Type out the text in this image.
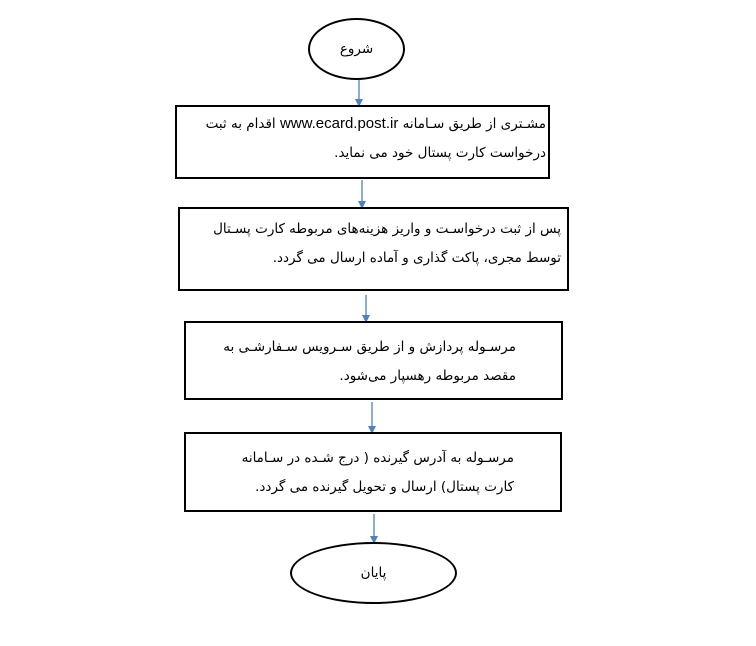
شروع
مشـتری از طریق سـامانه www.ecard.post.ir اقدام به ثبت
درخواست کارت پستال خود می نماید.
پس از ثبت درخواسـت و واریز هزینه‌های مربوطه کارت پسـتال
توسط مجری، پاکت گذاری و آماده ارسال می گردد.
مرسـوله پردازش و از طریق سـرویس سـفارشـی به
مقصد مربوطه رهسپار می‌شود.
مرسـوله به آدرس گیرنده ( درج شـده در سـامانه
کارت پستال) ارسال و تحویل گیرنده می گردد.
پایان
